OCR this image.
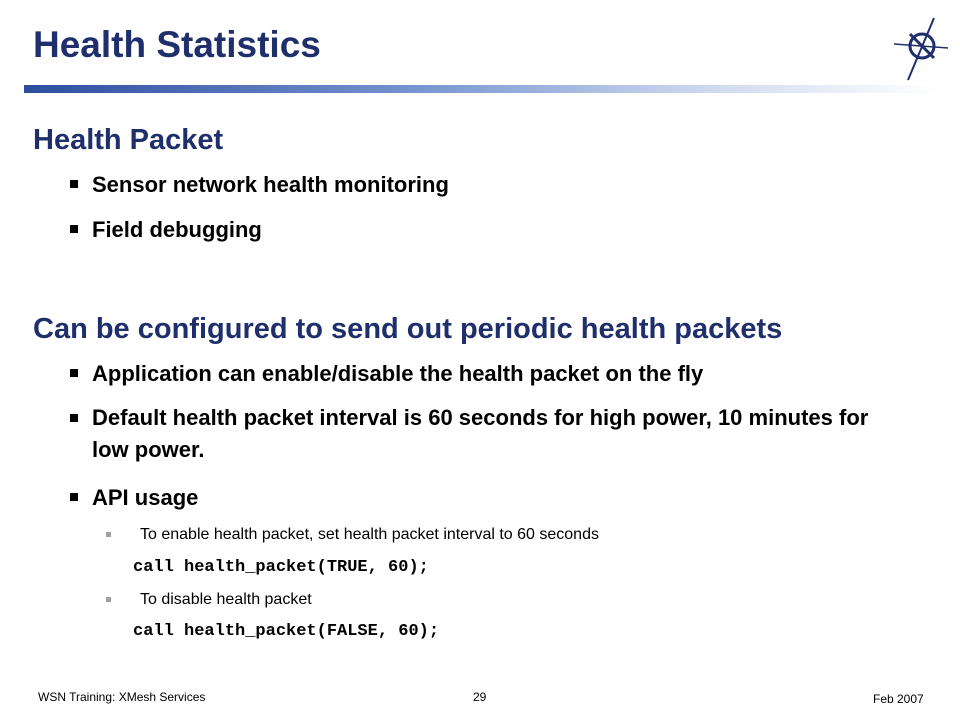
Health Statistics
Health Packet
Sensor network health monitoring
Field debugging
Can be configured to send out periodic health packets
Application can enable/disable the health packet on the fly
Default health packet interval is 60 seconds for high power, 10 minutes for low power.
API usage
To enable health packet, set health packet interval to 60 seconds
call health_packet(TRUE, 60);
To disable health packet
call health_packet(FALSE, 60);
WSN Training: XMesh Services	29	Feb 2007
